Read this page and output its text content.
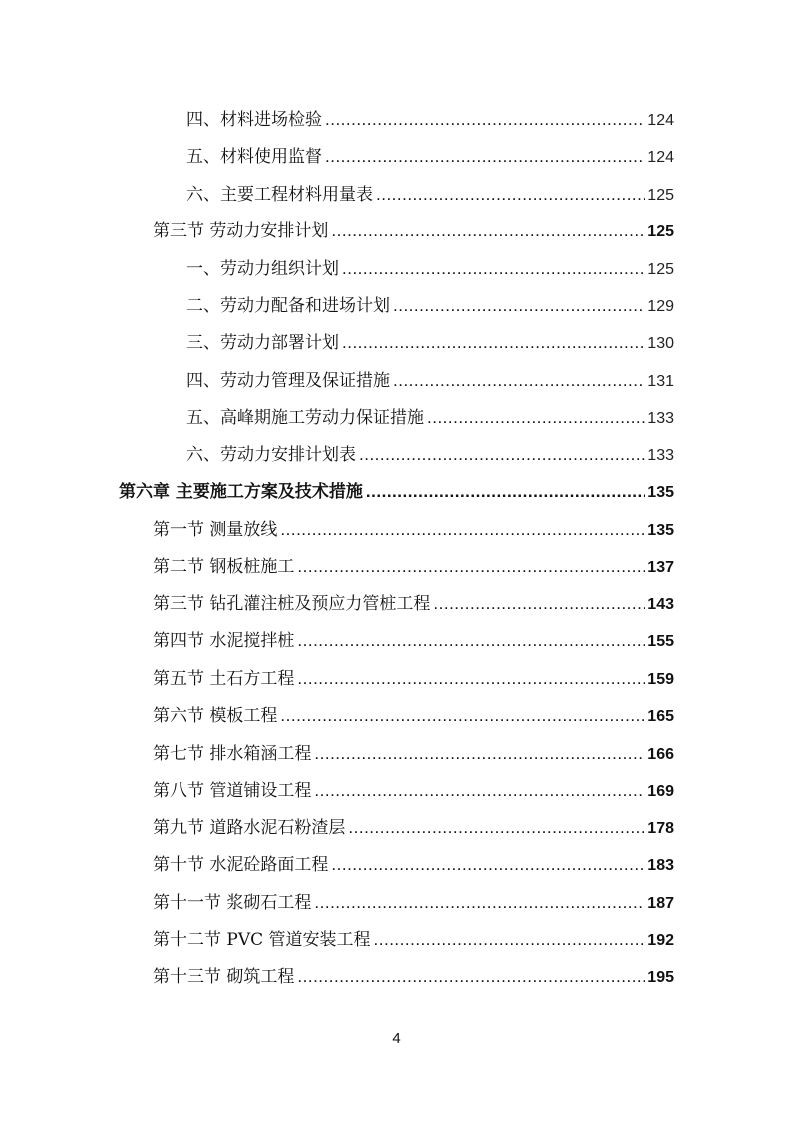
四、材料进场检验 .....	124
五、材料使用监督 .....	124
六、主要工程材料用量表 .....	125
第三节 劳动力安排计划 .....	125
一、劳动力组织计划 .....	125
二、劳动力配备和进场计划 .....	129
三、劳动力部署计划 .....	130
四、劳动力管理及保证措施 .....	131
五、高峰期施工劳动力保证措施 .....	133
六、劳动力安排计划表 .....	133
第六章 主要施工方案及技术措施 .....	135
第一节 测量放线 .....	135
第二节 钢板桩施工 .....	137
第三节 钻孔灌注桩及预应力管桩工程 .....	143
第四节 水泥搅拌桩 .....	155
第五节 土石方工程 .....	159
第六节 模板工程 .....	165
第七节 排水箱涵工程 .....	166
第八节 管道铺设工程 .....	169
第九节 道路水泥石粉渣层 .....	178
第十节 水泥砼路面工程 .....	183
第十一节 浆砌石工程 .....	187
第十二节 PVC 管道安装工程 .....	192
第十三节 砌筑工程 .....	195
4
